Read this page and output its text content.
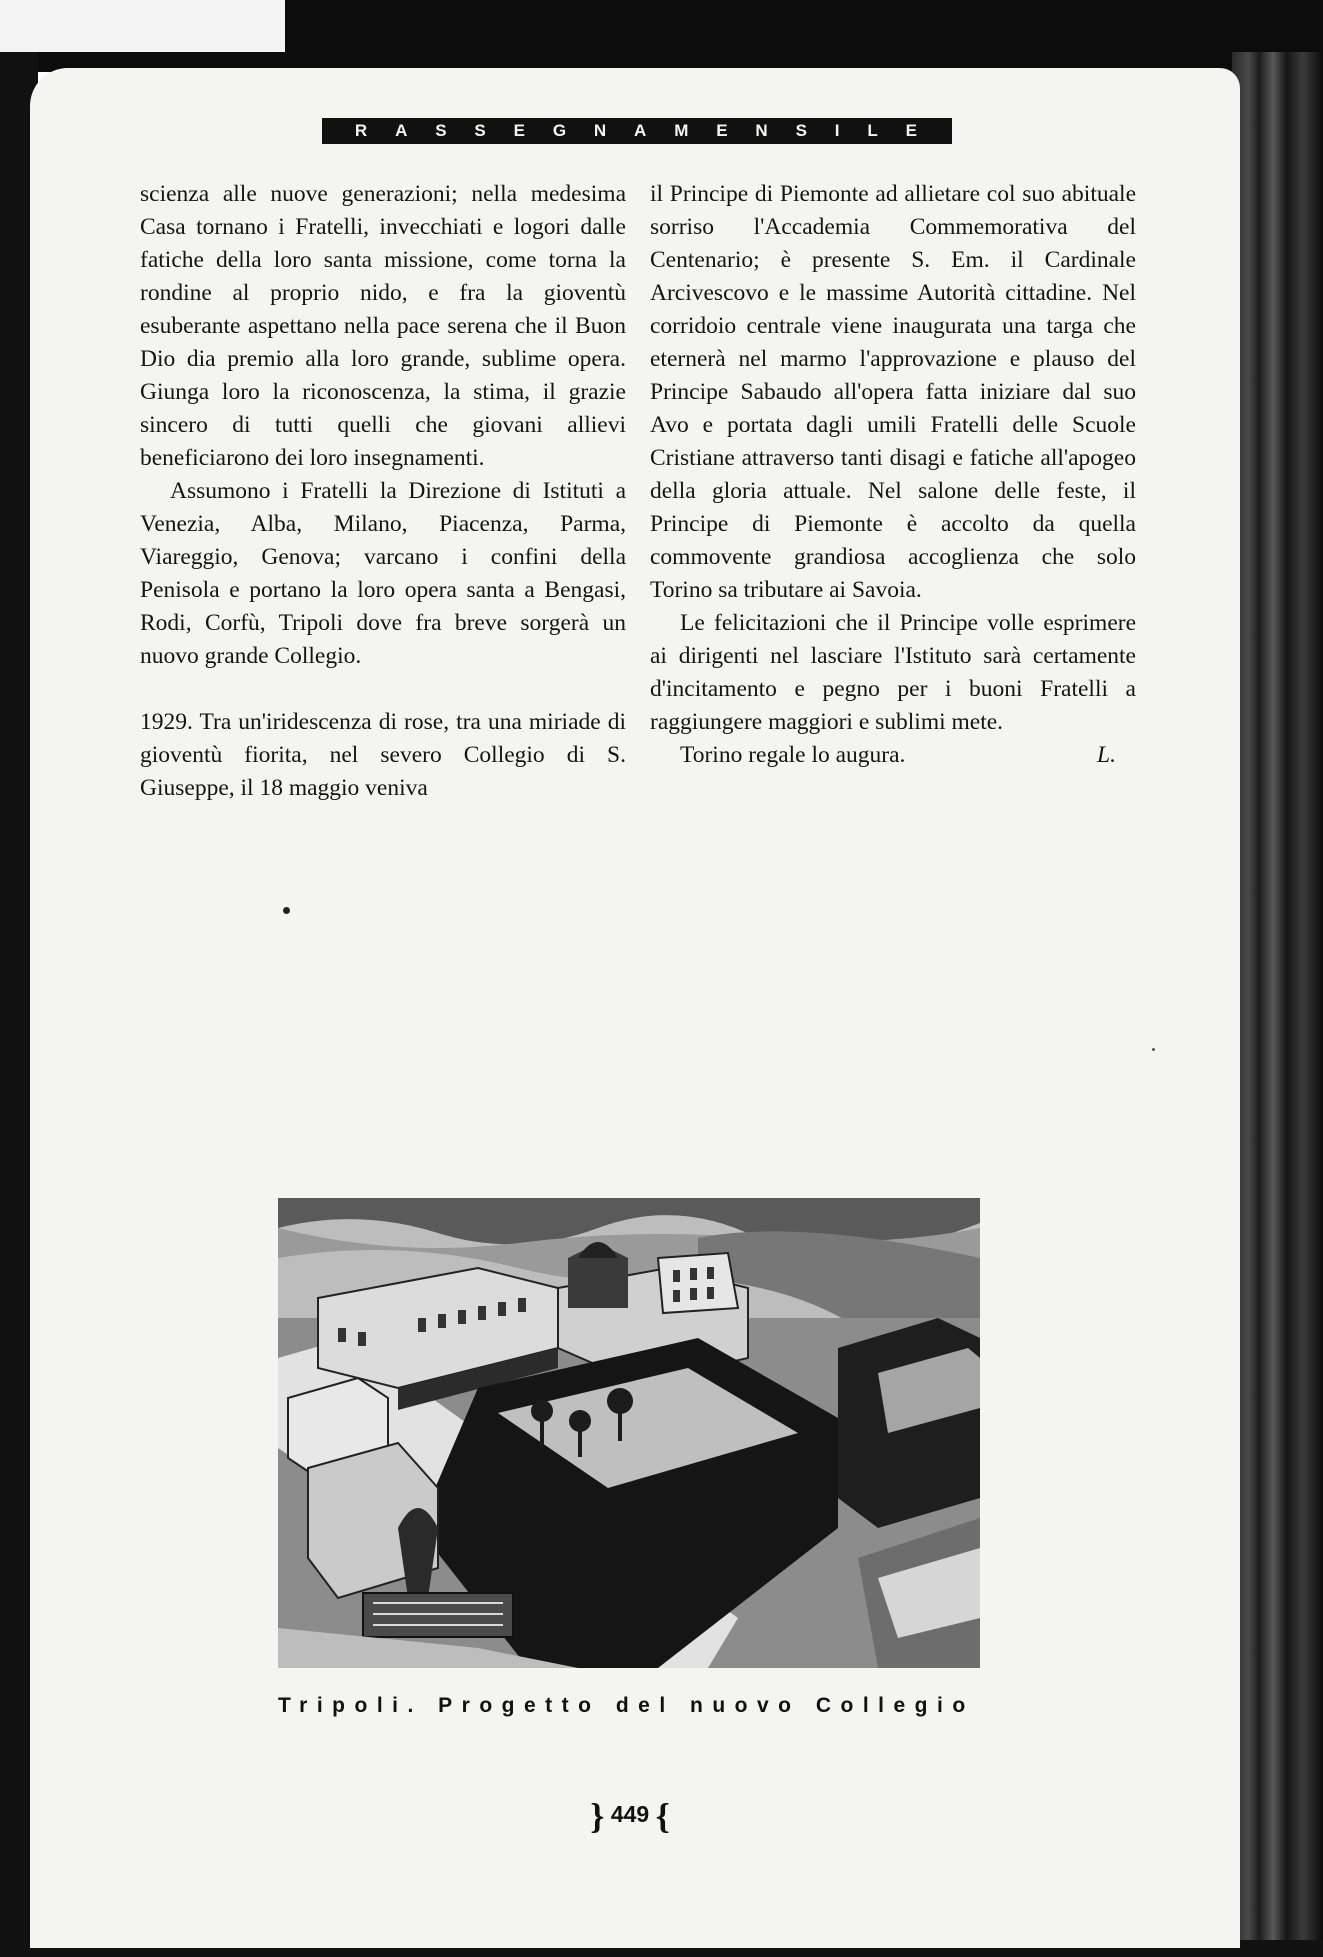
R A S S E G N A M E N S I L E

scienza alle nuove generazioni; nella medesima Casa tornano i Fratelli, invecchiati e logori dalle fatiche della loro santa missione, come torna la rondine al proprio nido, e fra la gioventù esuberante aspettano nella pace serena che il Buon Dio dia premio alla loro grande, sublime opera. Giunga loro la riconoscenza, la stima, il grazie sincero di tutti quelli che giovani allievi beneficiarono dei loro insegnamenti.

Assumono i Fratelli la Direzione di Istituti a Venezia, Alba, Milano, Piacenza, Parma, Viareggio, Genova; varcano i confini della Penisola e portano la loro opera santa a Bengasi, Rodi, Corfù, Tripoli dove fra breve sorgerà un nuovo grande Collegio.

1929. Tra un'iridescenza di rose, tra una miriade di gioventù fiorita, nel severo Collegio di S. Giuseppe, il 18 maggio veniva

il Principe di Piemonte ad allietare col suo abituale sorriso l'Accademia Commemorativa del Centenario; è presente S. Em. il Cardinale Arcivescovo e le massime Autorità cittadine. Nel corridoio centrale viene inaugurata una targa che eternerà nel marmo l'approvazione e plauso del Principe Sabaudo all'opera fatta iniziare dal suo Avo e portata dagli umili Fratelli delle Scuole Cristiane attraverso tanti disagi e fatiche all'apogeo della gloria attuale. Nel salone delle feste, il Principe di Piemonte è accolto da quella commovente grandiosa accoglienza che solo Torino sa tributare ai Savoia.

Le felicitazioni che il Principe volle esprimere ai dirigenti nel lasciare l'Istituto sarà certamente d'incitamento e pegno per i buoni Fratelli a raggiungere maggiori e sublimi mete.

Torino regale lo augura.	L.
Tripoli. Progetto del nuovo Collegio
} 449 {
